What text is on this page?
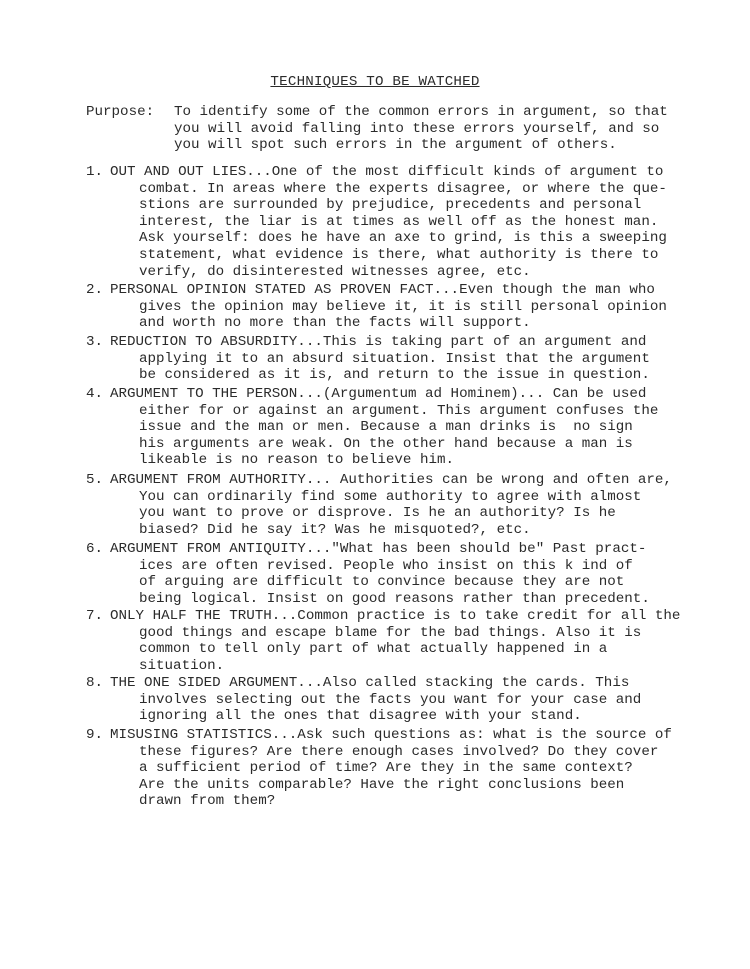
TECHNIQUES TO BE WATCHED
Purpose: To identify some of the common errors in argument, so that
you will avoid falling into these errors yourself, and so
you will spot such errors in the argument of others.
1. OUT AND OUT LIES...One of the most difficult kinds of argument to
combat. In areas where the experts disagree, or where the que-
stions are surrounded by prejudice, precedents and personal
interest, the liar is at times as well off as the honest man.
Ask yourself: does he have an axe to grind, is this a sweeping
statement, what evidence is there, what authority is there to
verify, do disinterested witnesses agree, etc.
2. PERSONAL OPINION STATED AS PROVEN FACT...Even though the man who
gives the opinion may believe it, it is still personal opinion
and worth no more than the facts will support.
3. REDUCTION TO ABSURDITY...This is taking part of an argument and
applying it to an absurd situation. Insist that the argument
be considered as it is, and return to the issue in question.
4. ARGUMENT TO THE PERSON...(Argumentum ad Hominem)... Can be used
either for or against an argument. This argument confuses the
issue and the man or men. Because a man drinks is  no sign
his arguments are weak. On the other hand because a man is
likeable is no reason to believe him.
5. ARGUMENT FROM AUTHORITY... Authorities can be wrong and often are,
You can ordinarily find some authority to agree with almost
you want to prove or disprove. Is he an authority? Is he
biased? Did he say it? Was he misquoted?, etc.
6. ARGUMENT FROM ANTIQUITY..."What has been should be" Past pract-
ices are often revised. People who insist on this k ind of
of arguing are difficult to convince because they are not
being logical. Insist on good reasons rather than precedent.
7. ONLY HALF THE TRUTH...Common practice is to take credit for all the
good things and escape blame for the bad things. Also it is
common to tell only part of what actually happened in a
situation.
8. THE ONE SIDED ARGUMENT...Also called stacking the cards. This
involves selecting out the facts you want for your case and
ignoring all the ones that disagree with your stand.
9. MISUSING STATISTICS...Ask such questions as: what is the source of
these figures? Are there enough cases involved? Do they cover
a sufficient period of time? Are they in the same context?
Are the units comparable? Have the right conclusions been
drawn from them?
